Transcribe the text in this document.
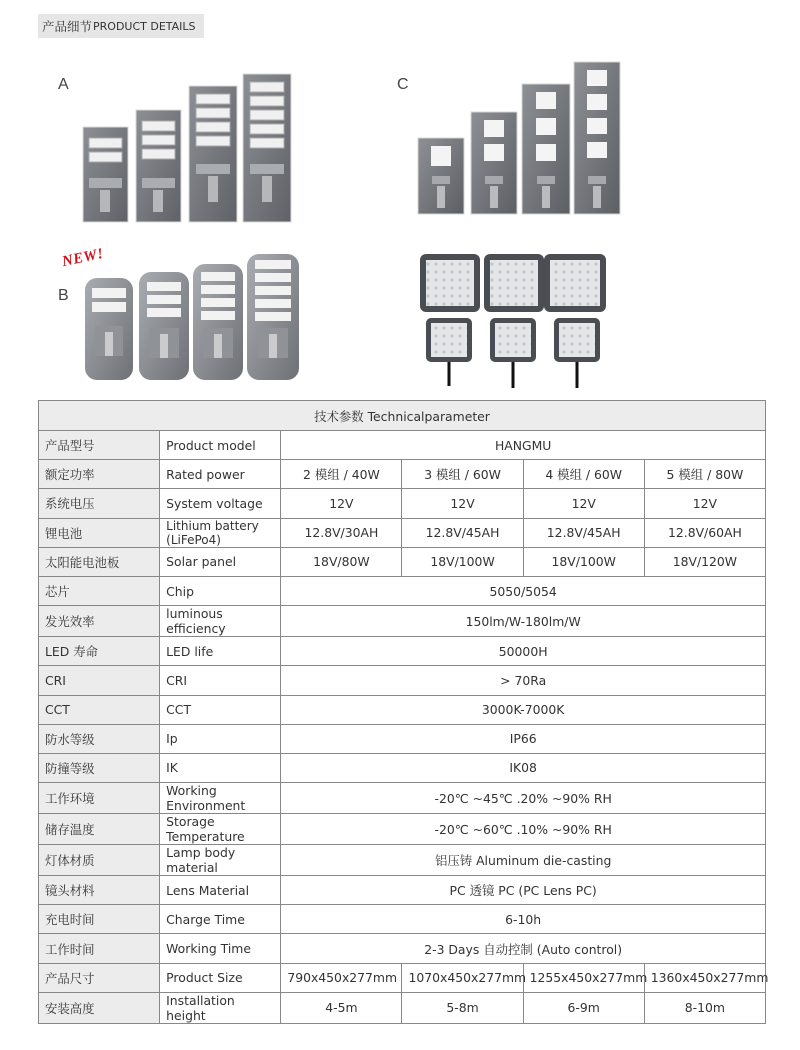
产品细节 PRODUCT DETAILS
A
B
C
NEW!
技术参数 Technicalparameter					
产品型号	Product model	HANGMU			
额定功率	Rated power	2 模组 / 40W	3 模组 / 60W	4 模组 / 60W	5 模组 / 80W
系统电压	System voltage	12V	12V	12V	12V
锂电池	Lithium battery (LiFePo4)	12.8V/30AH	12.8V/45AH	12.8V/45AH	12.8V/60AH
太阳能电池板	Solar panel	18V/80W	18V/100W	18V/100W	18V/120W
芯片	Chip	5050/5054			
发光效率	luminous efficiency	150lm/W-180lm/W			
LED 寿命	LED life	50000H			
CRI	CRI	> 70Ra			
CCT	CCT	3000K-7000K			
防水等级	Ip	IP66			
防撞等级	IK	IK08			
工作环境	Working Environment	-20℃ ~45℃ .20% ~90% RH			
储存温度	Storage Temperature	-20℃ ~60℃ .10% ~90% RH			
灯体材质	Lamp body material	铝压铸 Aluminum die-casting			
镜头材料	Lens Material	PC 透镜 PC (PC Lens PC)			
充电时间	Charge Time	6-10h			
工作时间	Working Time	2-3 Days 自动控制 (Auto control)			
产品尺寸	Product Size	790x450x277mm	1070x450x277mm	1255x450x277mm	1360x450x277mm
安装高度	Installation height	4-5m	5-8m	6-9m	8-10m
